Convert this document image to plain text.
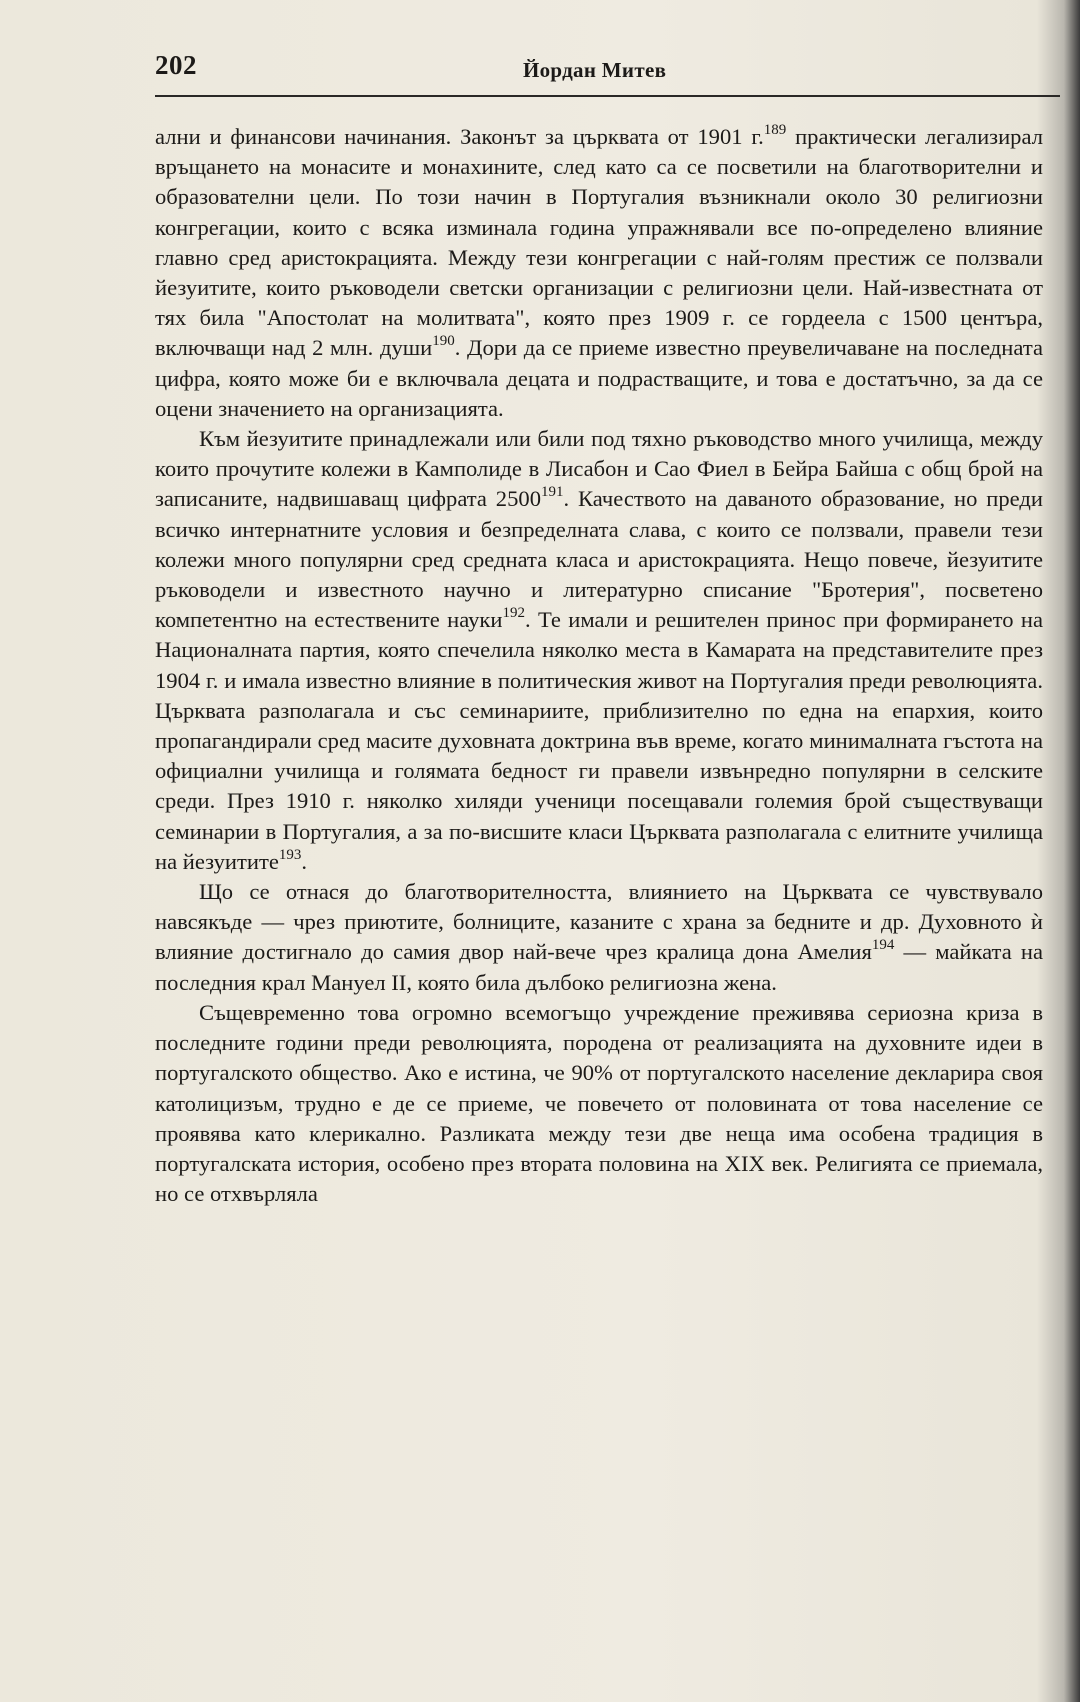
202	Йордан Митев

ални и финансови начинания. Законът за църквата от 1901 г.$^{189}$ практически легализирал връщането на монасите и монахините, след като са се посветили на благотворителни и образователни цели. По този начин в Португалия възникнали около 30 религиозни конгрегации, които с всяка изминала година упражнявали все по-определено влияние главно сред аристокрацията. Между тези конгрегации с най-голям престиж се ползвали йезуитите, които ръководели светски организации с религиозни цели. Най-известната от тях била "Апостолат на молитвата", която през 1909 г. се гордеела с 1500 центъра, включващи над 2 млн. души$^{190}$. Дори да се приеме известно преувеличаване на последната цифра, която може би е включвала децата и подрастващите, и това е достатъчно, за да се оцени значението на организацията.

Към йезуитите принадлежали или били под тяхно ръководство много училища, между които прочутите колежи в Камполиде в Лисабон и Сао Фиел в Бейра Байша с общ брой на записаните, надвишаващ цифрата 2500$^{191}$. Качеството на даваното образование, но преди всичко интернатните условия и безпределната слава, с които се ползвали, правели тези колежи много популярни сред средната класа и аристокрацията. Нещо повече, йезуитите ръководели и известното научно и литературно списание "Бротерия", посветено компетентно на естествените науки$^{192}$. Те имали и решителен принос при формирането на Националната партия, която спечелила няколко места в Камарата на представителите през 1904 г. и имала известно влияние в политическия живот на Португалия преди революцията. Църквата разполагала и със семинариите, приблизително по една на епархия, които пропагандирали сред масите духовната доктрина във време, когато минималната гъстота на официални училища и голямата бедност ги правели извънредно популярни в селските среди. През 1910 г. няколко хиляди ученици посещавали големия брой съществуващи семинарии в Португалия, а за по-висшите класи Църквата разполагала с елитните училища на йезуитите$^{193}$.

Що се отнася до благотворителността, влиянието на Църквата се чувствувало навсякъде — чрез приютите, болниците, казаните с храна за бедните и др. Духовното ѝ влияние достигнало до самия двор най-вече чрез кралица дона Амелия$^{194}$ — майката на последния крал Мануел II, която била дълбоко религиозна жена.

Същевременно това огромно всемогъщо учреждение преживява сериозна криза в последните години преди революцията, породена от реализацията на духовните идеи в португалското общество. Ако е истина, че 90% от португалското население декларира своя католицизъм, трудно е де се приеме, че повечето от половината от това население се проявява като клерикално. Разликата между тези две неща има особена традиция в португалската история, особено през втората половина на XIX век. Религията се приемала, но се отхвърляла
